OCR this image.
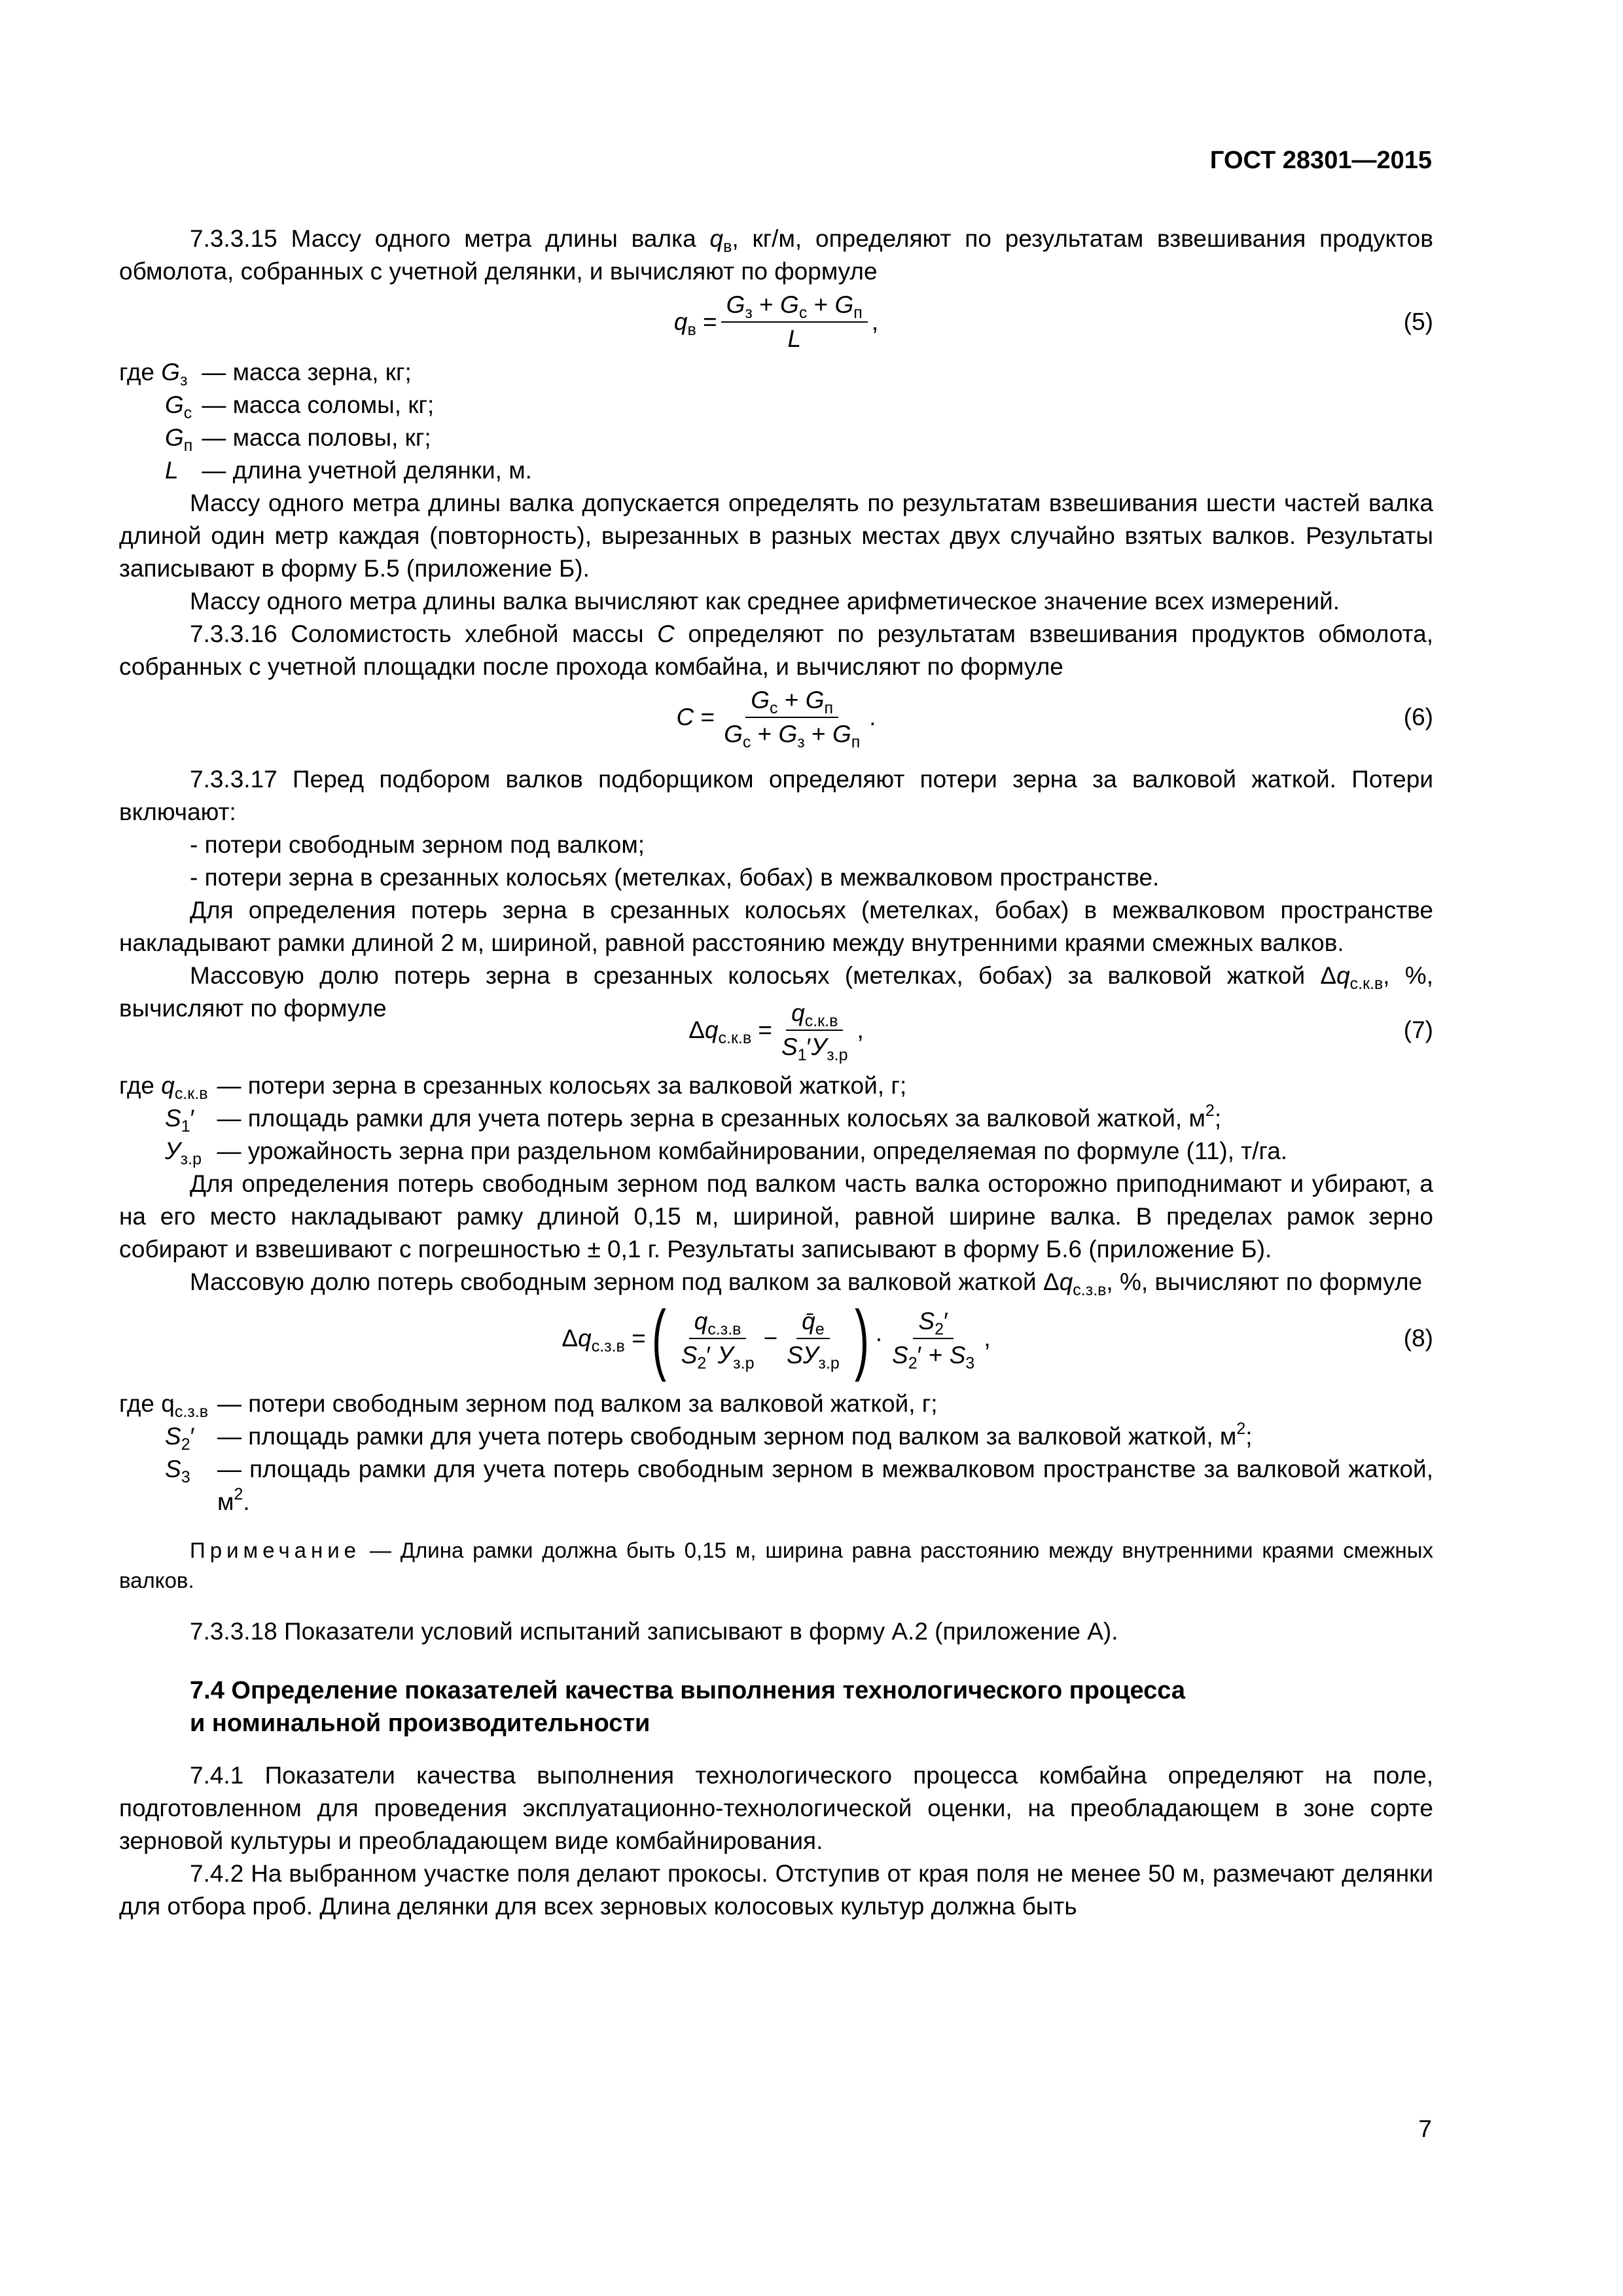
ГОСТ 28301—2015

7.3.3.15 Массу одного метра длины валка $q_в$, кг/м, определяют по результатам взвешивания продуктов обмолота, собранных с учетной делянки, и вычисляют по формуле

$q_в = \frac{G_з + G_с + G_п}{L}$ ,	(5)
где $G_з$ — масса зерна, кг;
$G_с$ — масса соломы, кг;
$G_п$ — масса половы, кг;
L — длина учетной делянки, м.

Массу одного метра длины валка допускается определять по результатам взвешивания шести частей валка длиной один метр каждая (повторность), вырезанных в разных местах двух случайно взятых валков. Результаты записывают в форму Б.5 (приложение Б).

Массу одного метра длины валка вычисляют как среднее арифметическое значение всех измерений.

7.3.3.16 Соломистость хлебной массы С определяют по результатам взвешивания продуктов обмолота, собранных с учетной площадки после прохода комбайна, и вычисляют по формуле

$С = \frac{G_с + G_п}{G_с + G_з + G_п}$ .	(6)

7.3.3.17 Перед подбором валков подборщиком определяют потери зерна за валковой жаткой. Потери включают:

- потери свободным зерном под валком;

- потери зерна в срезанных колосьях (метелках, бобах) в межвалковом пространстве.

Для определения потерь зерна в срезанных колосьях (метелках, бобах) в межвалковом пространстве накладывают рамки длиной 2 м, шириной, равной расстоянию между внутренними краями смежных валков.

Массовую долю потерь зерна в срезанных колосьях (метелках, бобах) за валковой жаткой $\Delta q_{с.к.в}$, %, вычисляют по формуле

$\Delta q_{с.к.в} = \frac{q_{с.к.в}}{S_1'У_{з.р}}$ ,	(7)
где $q_{с.к.в}$ — потери зерна в срезанных колосьях за валковой жаткой, г;
$S_1'$ — площадь рамки для учета потерь зерна в срезанных колосьях за валковой жаткой, $м^2$;
$У_{з.р}$ — урожайность зерна при раздельном комбайнировании, определяемая по формуле (11), т/га.

Для определения потерь свободным зерном под валком часть валка осторожно приподнимают и убирают, а на его место накладывают рамку длиной 0,15 м, шириной, равной ширине валка. В пределах рамок зерно собирают и взвешивают с погрешностью ± 0,1 г. Результаты записывают в форму Б.6 (приложение Б).

Массовую долю потерь свободным зерном под валком за валковой жаткой $\Delta q_{с.з.в}$, %, вычисляют по формуле

$\Delta q_{с.з.в}$ = ( $\frac{q_{с.з.в}}{S_2' У_{з.р}} - \frac{q̄_е}{SУ_{з.р}}$ ) · $\frac{S_2'}{S_2' + S_3}$ ,	(8)
где $q_{с.з.в}$ — потери свободным зерном под валком за валковой жаткой, г;
$S_2'$ — площадь рамки для учета потерь свободным зерном под валком за валковой жаткой, $м^2$;
$S_3$	— площадь рамки для учета потерь свободным зерном в межвалковом пространстве за валковой жаткой, $м^2$.

Примечание — Длина рамки должна быть 0,15 м, ширина равна расстоянию между внутренними краями смежных валков.

7.3.3.18 Показатели условий испытаний записывают в форму А.2 (приложение А).

7.4 Определение показателей качества выполнения технологического процесса
и номинальной производительности

7.4.1 Показатели качества выполнения технологического процесса комбайна определяют на поле, подготовленном для проведения эксплуатационно-технологической оценки, на преобладающем в зоне сорте зерновой культуры и преобладающем виде комбайнирования.

7.4.2 На выбранном участке поля делают прокосы. Отступив от края поля не менее 50 м, размечают делянки для отбора проб. Длина делянки для всех зерновых колосовых культур должна быть

7
